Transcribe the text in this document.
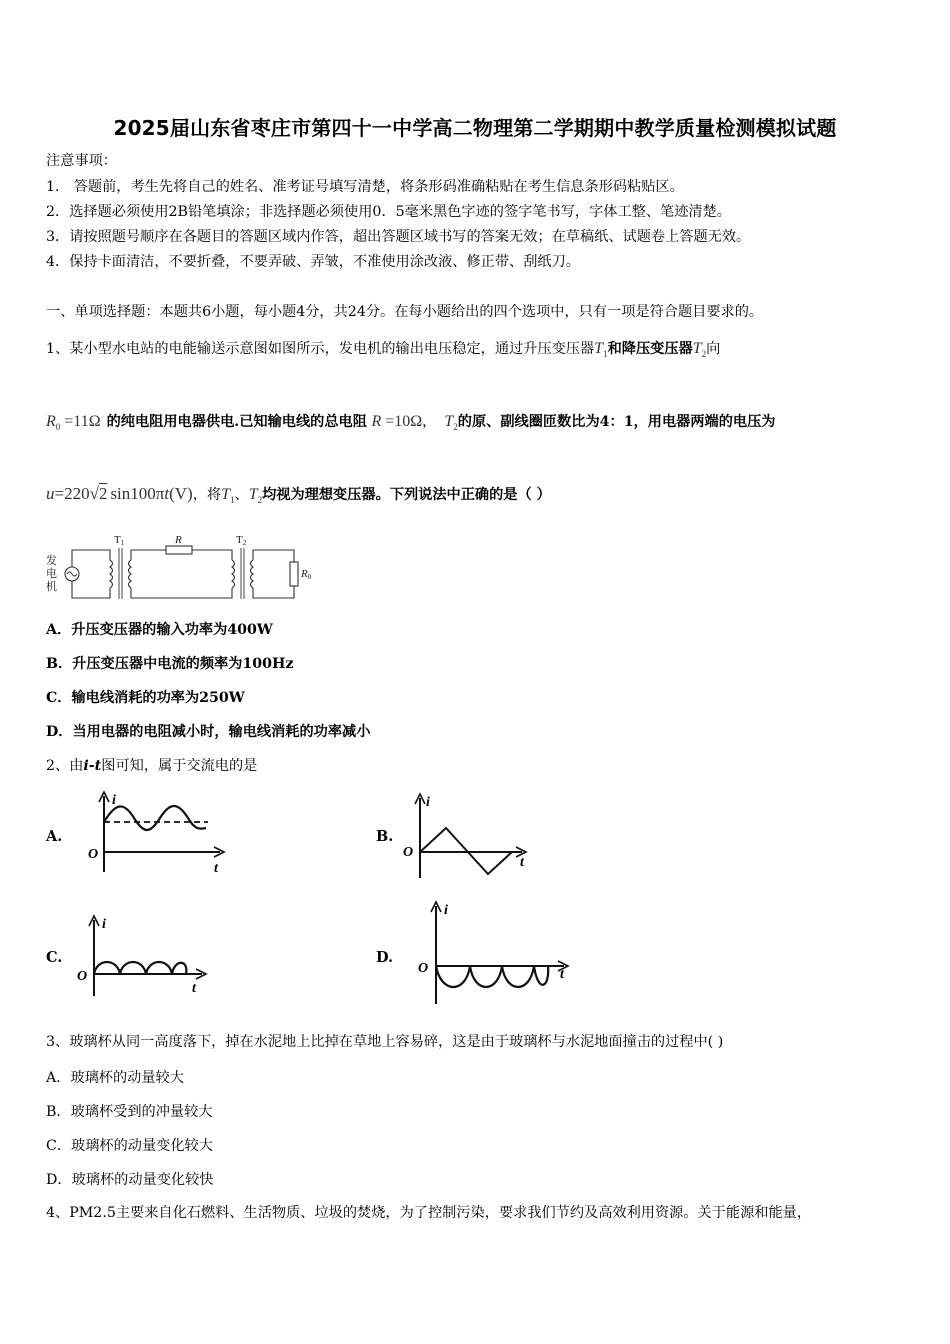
2025届山东省枣庄市第四十一中学高二物理第二学期期中教学质量检测模拟试题
注意事项：
1． 答题前，考生先将自己的姓名、准考证号填写清楚，将条形码准确粘贴在考生信息条形码粘贴区。
2．选择题必须使用2B铅笔填涂；非选择题必须使用0．5毫米黑色字迹的签字笔书写，字体工整、笔迹清楚。
3．请按照题号顺序在各题目的答题区域内作答，超出答题区域书写的答案无效；在草稿纸、试题卷上答题无效。
4．保持卡面清洁，不要折叠，不要弄破、弄皱，不准使用涂改液、修正带、刮纸刀。
一、单项选择题：本题共6小题，每小题4分，共24分。在每小题给出的四个选项中，只有一项是符合题目要求的。
1、某小型水电站的电能输送示意图如图所示，发电机的输出电压稳定，通过升压变压器$T_1$和降压变压器$T_2$向
$R_0 =11\Omega$ 的纯电阻用电器供电.已知输电线的总电阻 R =10Ω， $T_2$的原、副线圈匝数比为4：1，用电器两端的电压为
u=220√2 sin100πt(V)，将$T_1$、$T_2$均视为理想变压器。下列说法中正确的是（ ）
发
电
机
T1	T2
R
R0
A．升压变压器的输入功率为400W
B．升压变压器中电流的频率为100Hz
C．输电线消耗的功率为250W
D．当用电器的电阻减小时，输电线消耗的功率减小
2、由i-t图可知，属于交流电的是
A.	B.
C.	D.
i
O
t
i
O
t
i
O
t
i
O	t
3、玻璃杯从同一高度落下，掉在水泥地上比掉在草地上容易碎，这是由于玻璃杯与水泥地面撞击的过程中( )
A．玻璃杯的动量较大
B．玻璃杯受到的冲量较大
C．玻璃杯的动量变化较大
D．玻璃杯的动量变化较快
4、PM2.5主要来自化石燃料、生活物质、垃圾的焚烧，为了控制污染，要求我们节约及高效利用资源。关于能源和能量，
